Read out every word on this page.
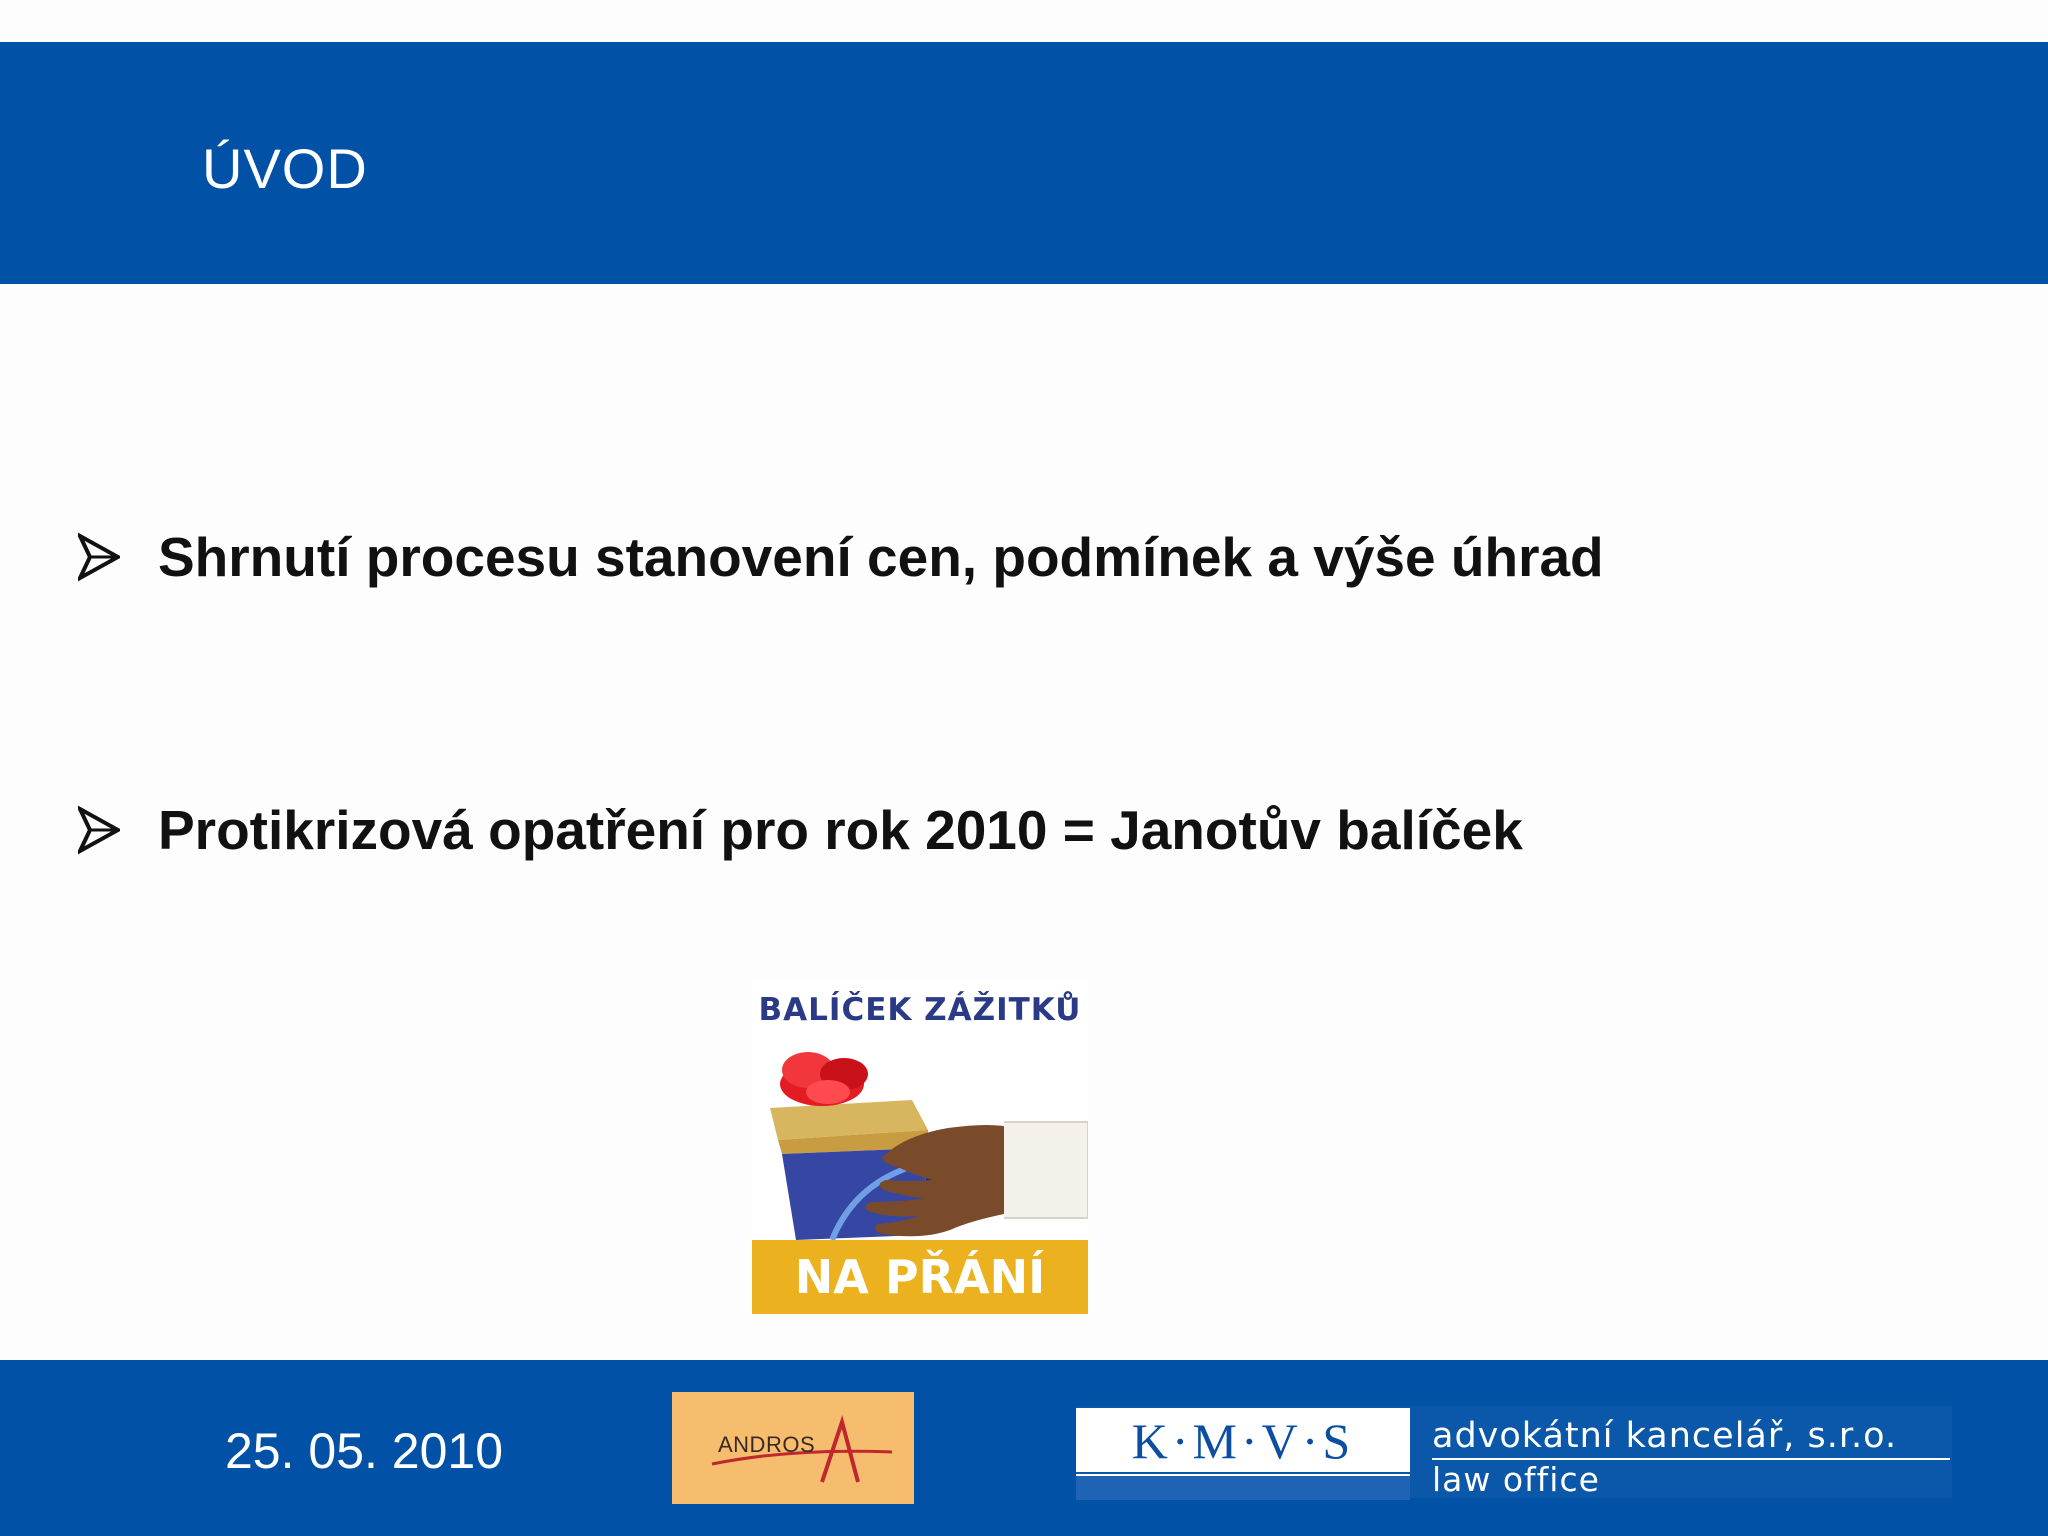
ÚVOD
Shrnutí procesu stanovení cen, podmínek a výše úhrad
Protikrizová opatření pro rok 2010 = Janotův balíček
BALÍČEK ZÁŽITKŮ
NA PŘÁNÍ
25. 05. 2010	ANDROS	K·M·V·S	advokátní kancelář, s.r.o.
law office
